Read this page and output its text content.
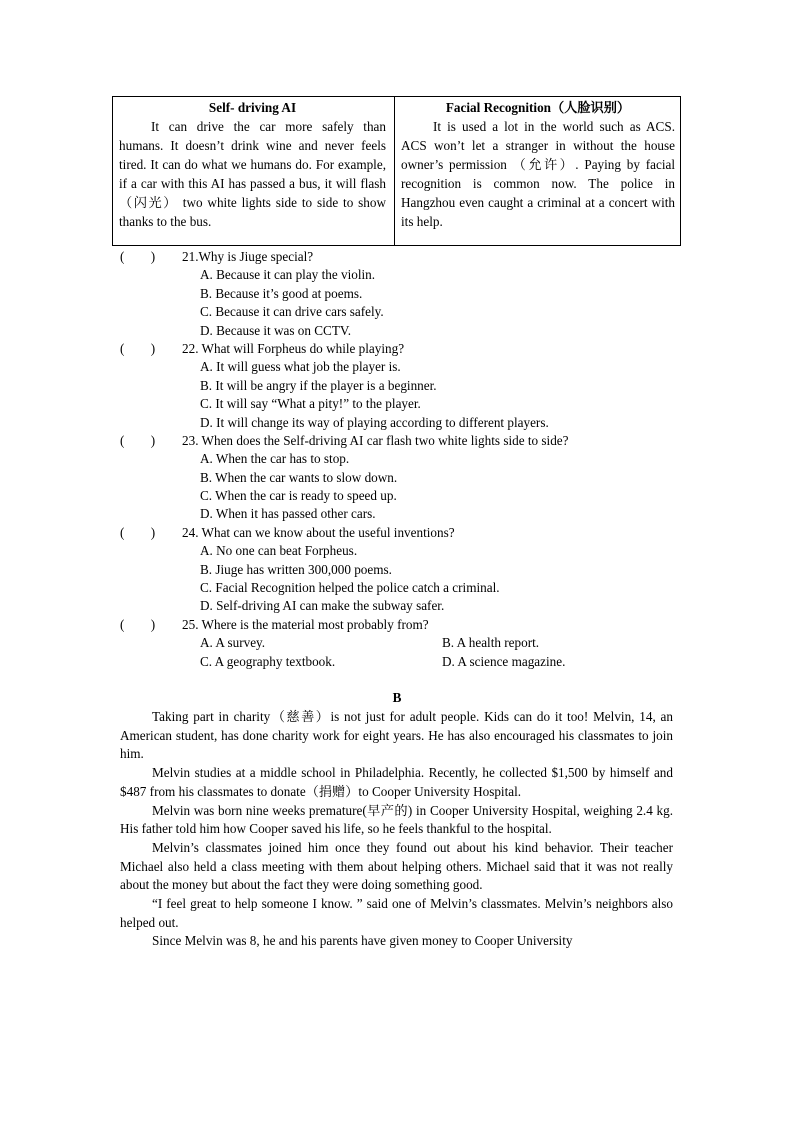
Self- driving AI

It can drive the car more safely than humans. It doesn’t drink wine and never feels tired. It can do what we humans do. For example, if a car with this AI has passed a bus, it will flash （闪光） two white lights side to side to show thanks to the bus.

Facial Recognition（人脸识别）

It is used a lot in the world such as ACS. ACS won’t let a stranger in without the house owner’s permission （允许）. Paying by facial recognition is common now. The police in Hangzhou even caught a criminal at a concert with its help.

(　　) 21.Why is Jiuge special?
A. Because it can play the violin.
B. Because it’s good at poems.
C. Because it can drive cars safely.
D. Because it was on CCTV.
(　　) 22. What will Forpheus do while playing?
A. It will guess what job the player is.
B. It will be angry if the player is a beginner.
C. It will say “What a pity!” to the player.
D. It will change its way of playing according to different players.
(　　) 23. When does the Self-driving AI car flash two white lights side to side?
A. When the car has to stop.
B. When the car wants to slow down.
C. When the car is ready to speed up.
D. When it has passed other cars.
(　　) 24. What can we know about the useful inventions?
A. No one can beat Forpheus.
B. Jiuge has written 300,000 poems.
C. Facial Recognition helped the police catch a criminal.
D. Self-driving AI can make the subway safer.
(　　) 25. Where is the material most probably from?
A. A survey.	B. A health report.
C. A geography textbook.	D. A science magazine.
B

Taking part in charity（慈善）is not just for adult people. Kids can do it too! Melvin, 14, an American student, has done charity work for eight years. He has also encouraged his classmates to join him.

Melvin studies at a middle school in Philadelphia. Recently, he collected $1,500 by himself and $487 from his classmates to donate（捐赠）to Cooper University Hospital.

Melvin was born nine weeks premature(早产的) in Cooper University Hospital, weighing 2.4 kg. His father told him how Cooper saved his life, so he feels thankful to the hospital.

Melvin’s classmates joined him once they found out about his kind behavior. Their teacher Michael also held a class meeting with them about helping others. Michael said that it was not really about the money but about the fact they were doing something good.

“I feel great to help someone I know. ” said one of Melvin’s classmates. Melvin’s neighbors also helped out.

Since Melvin was 8, he and his parents have given money to Cooper University
